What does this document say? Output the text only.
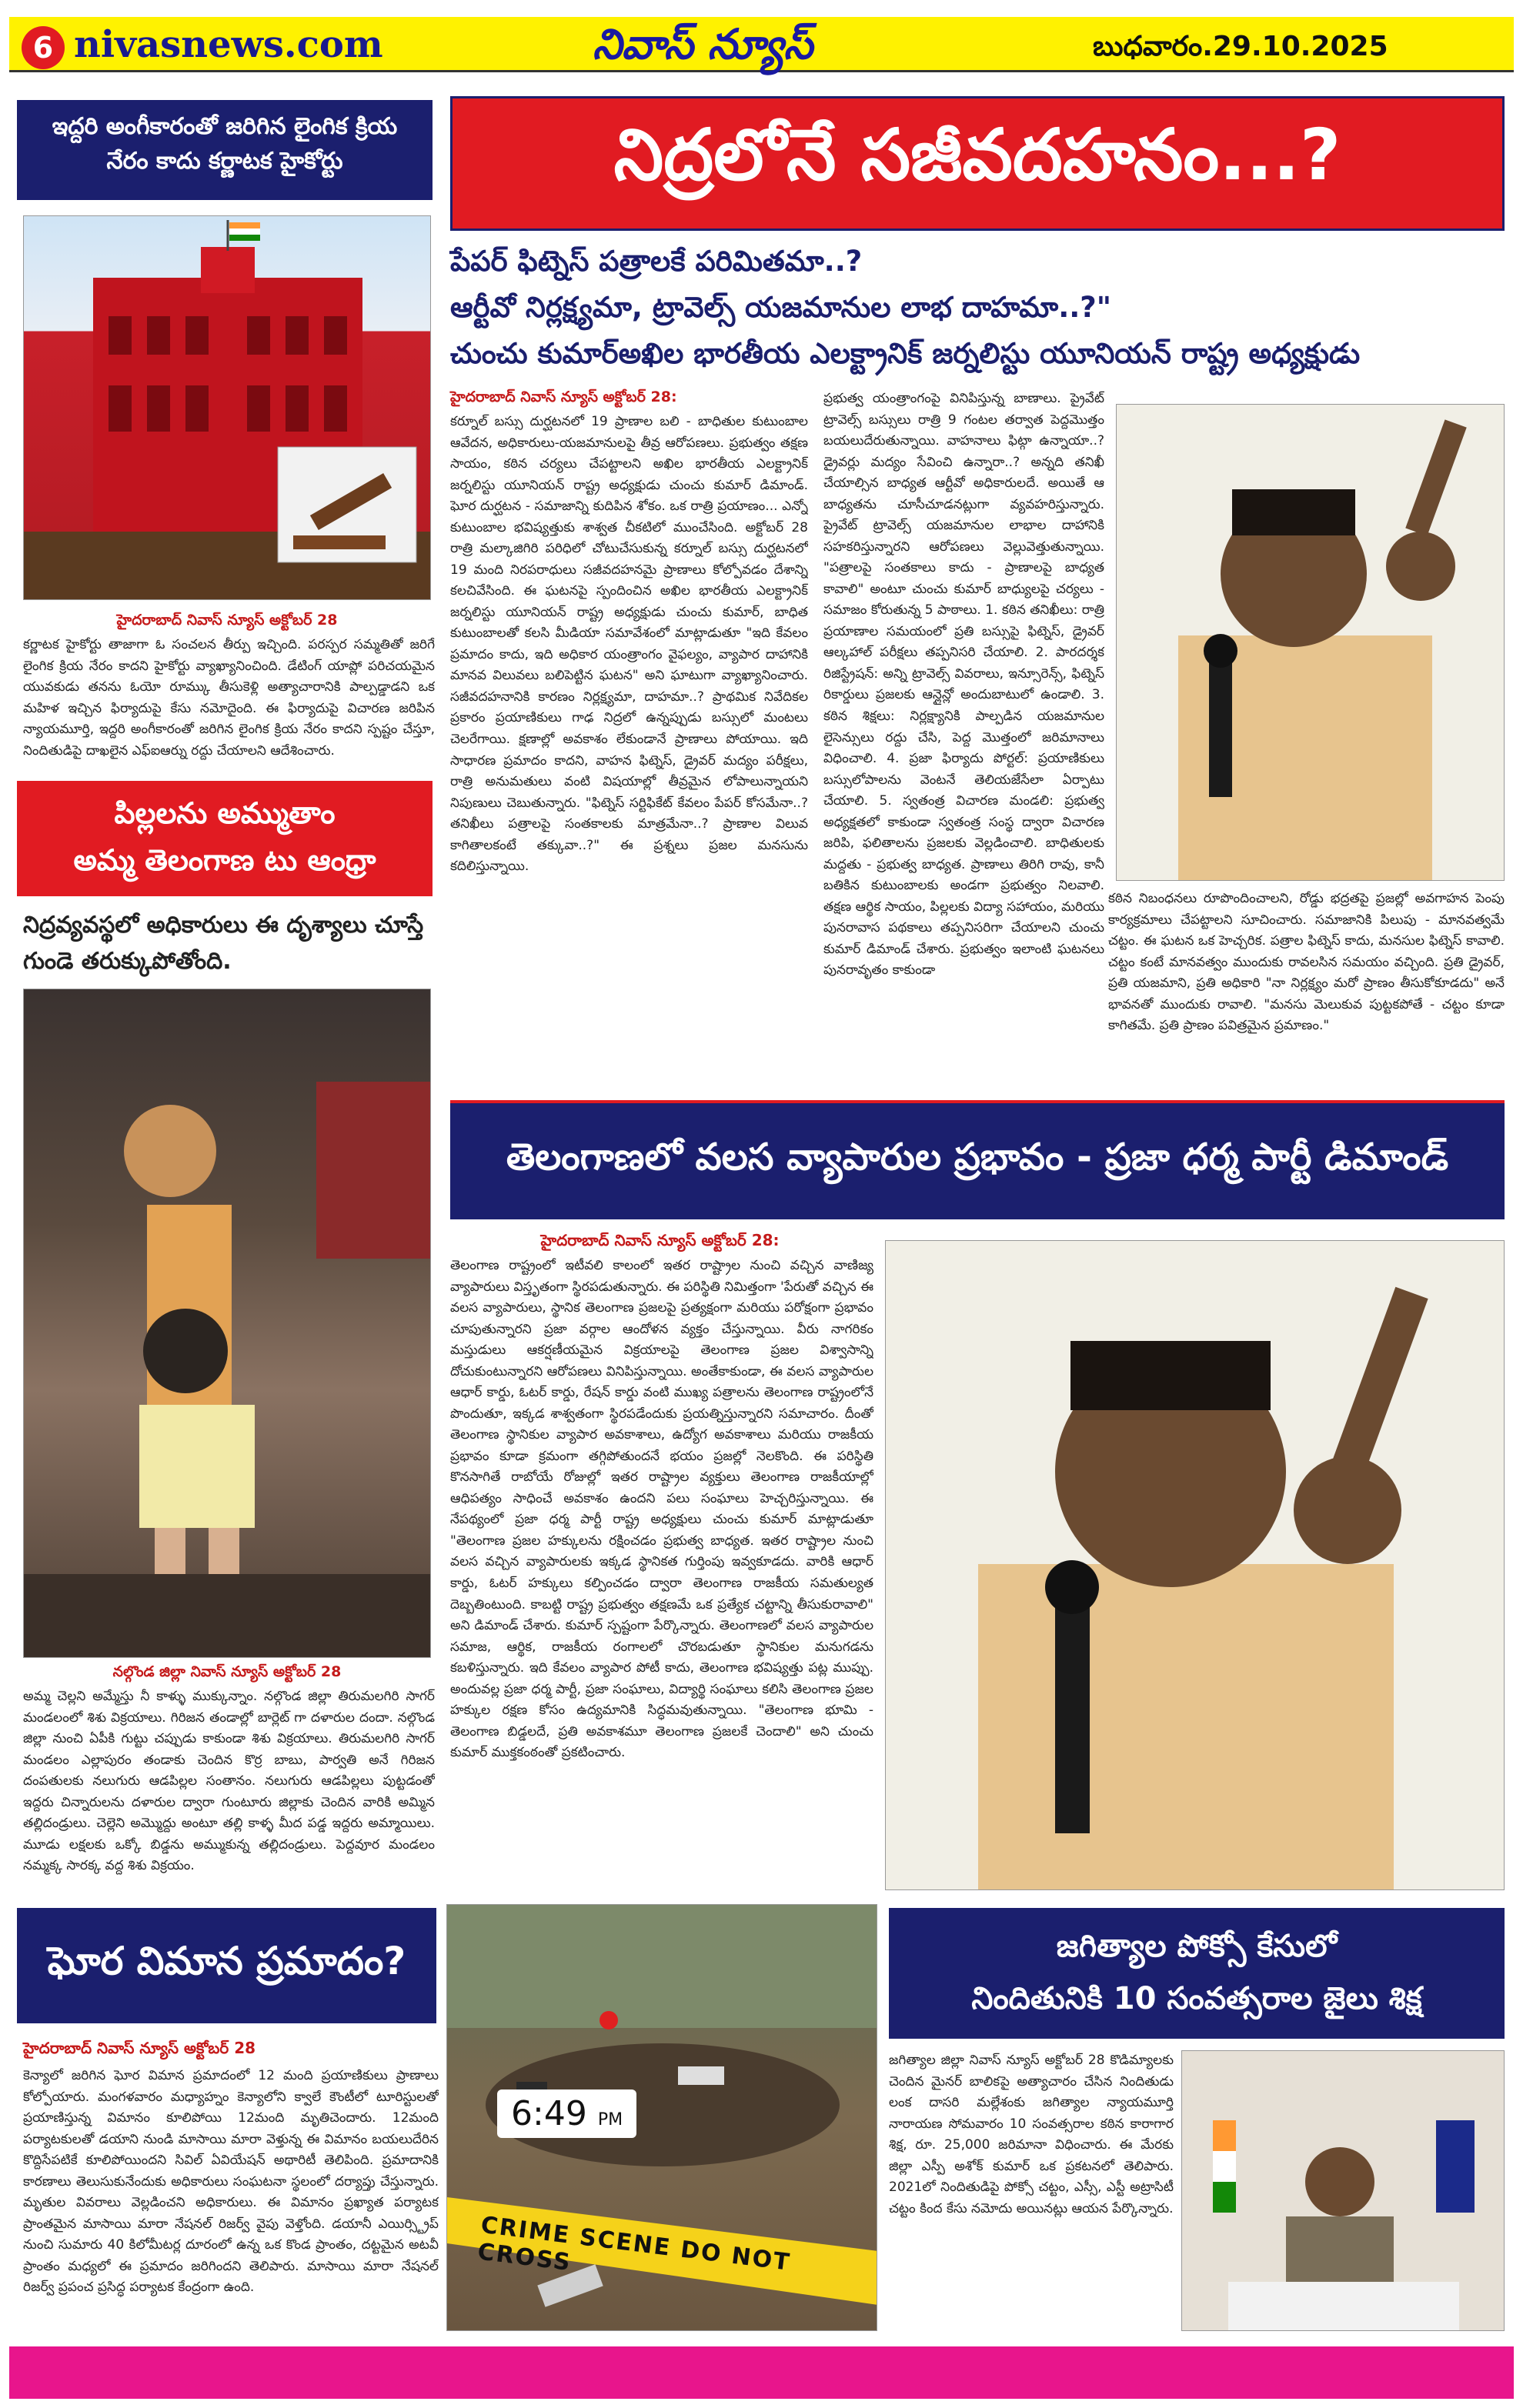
6 nivasnews.com	నివాస్ న్యూస్	బుధవారం.29.10.2025
ఇద్దరి అంగీకారంతో జరిగిన లైంగిక క్రియ నేరం కాదు కర్ణాటక హైకోర్టు
హైదరాబాద్ నివాస్ న్యూస్ అక్టోబర్ 28
కర్ణాటక హైకోర్టు తాజాగా ఓ సంచలన తీర్పు ఇచ్చింది. పరస్పర సమ్మతితో జరిగే లైంగిక క్రియ నేరం కాదని హైకోర్టు వ్యాఖ్యానించింది. డేటింగ్ యాప్లో పరిచయమైన యువకుడు తనను ఓయో రూమ్కు తీసుకెళ్లి అత్యాచారానికి పాల్పడ్డాడని ఒక మహిళ ఇచ్చిన ఫిర్యాదుపై కేసు నమోదైంది. ఈ ఫిర్యాదుపై విచారణ జరిపిన న్యాయమూర్తి, ఇద్దరి అంగీకారంతో జరిగిన లైంగిక క్రియ నేరం కాదని స్పష్టం చేస్తూ, నిందితుడిపై దాఖలైన ఎఫ్ఐఆర్ను రద్దు చేయాలని ఆదేశించారు.
పిల్లలను అమ్ముతాం
అమ్మ తెలంగాణ టు ఆంధ్రా
నిద్రవ్యవస్థలో అధికారులు ఈ దృశ్యాలు చూస్తే గుండె తరుక్కుపోతోంది.
నల్గొండ జిల్లా నివాస్ న్యూస్ అక్టోబర్ 28
అమ్మ చెల్లని అమ్మేస్తు నీ కాళ్ళు ముక్కున్నాం. నల్గొండ జిల్లా తిరుమలగిరి సాగర్ మండలంలో శిశు విక్రయాలు. గిరిజన తండాల్లో బార్లెట్ గా దళారుల దందా. నల్గొండ జిల్లా నుంచి ఏపీకి గుట్టు చప్పుడు కాకుండా శిశు విక్రయాలు. తిరుమలగిరి సాగర్ మండలం ఎల్లాపురం తండాకు చెందిన కొర్ర బాబు, పార్వతి అనే గిరిజన దంపతులకు నలుగురు ఆడపిల్లల సంతానం. నలుగురు ఆడపిల్లలు పుట్టడంతో ఇద్దరు చిన్నారులను దళారుల ద్వారా గుంటూరు జిల్లాకు చెందిన వారికి అమ్మిన తల్లిదండ్రులు. చెల్లెని అమ్మొద్దు అంటూ తల్లి కాళ్ళ మీద పడ్డ ఇద్దరు అమ్మాయిలు. మూడు లక్షలకు ఒక్కో బిడ్డను అమ్ముకున్న తల్లిదండ్రులు. పెద్దవూర మండలం నమ్మక్క సారక్క వద్ద శిశు విక్రయం.
నిద్రలోనే సజీవదహనం...?
పేపర్ ఫిట్నెస్ పత్రాలకే పరిమితమా..?
ఆర్టీవో నిర్లక్ష్యమా, ట్రావెల్స్ యజమానుల లాభ దాహమా..?"
చుంచు కుమార్అఖిల భారతీయ ఎలక్ట్రానిక్ జర్నలిస్టు యూనియన్ రాష్ట్ర అధ్యక్షుడు
హైదరాబాద్ నివాస్ న్యూస్ అక్టోబర్ 28:
కర్నూల్ బస్సు దుర్ఘటనలో 19 ప్రాణాల బలి - బాధితుల కుటుంబాల ఆవేదన, అధికారులు-యజమానులపై తీవ్ర ఆరోపణలు. ప్రభుత్వం తక్షణ సాయం, కఠిన చర్యలు చేపట్టాలని అఖిల భారతీయ ఎలక్ట్రానిక్ జర్నలిస్టు యూనియన్ రాష్ట్ర అధ్యక్షుడు చుంచు కుమార్ డిమాండ్. ఘోర దుర్ఘటన - సమాజాన్ని కుదిపిన శోకం. ఒక రాత్రి ప్రయాణం... ఎన్నో కుటుంబాల భవిష్యత్తుకు శాశ్వత చీకటిలో ముంచేసింది. అక్టోబర్ 28 రాత్రి మల్కాజిగిరి పరిధిలో చోటుచేసుకున్న కర్నూల్ బస్సు దుర్ఘటనలో 19 మంది నిరపరాధులు సజీవదహనమై ప్రాణాలు కోల్పోవడం దేశాన్ని కలచివేసింది. ఈ ఘటనపై స్పందించిన అఖిల భారతీయ ఎలక్ట్రానిక్ జర్నలిస్టు యూనియన్ రాష్ట్ర అధ్యక్షుడు చుంచు కుమార్, బాధిత కుటుంబాలతో కలసి మీడియా సమావేశంలో మాట్లాడుతూ "ఇది కేవలం ప్రమాదం కాదు, ఇది అధికార యంత్రాంగం వైఫల్యం, వ్యాపార దాహానికి మానవ విలువలు బలిపెట్టిన ఘటన" అని ఘాటుగా వ్యాఖ్యానించారు. సజీవదహనానికి కారణం నిర్లక్ష్యమా, దాహమా..? ప్రాథమిక నివేదికల ప్రకారం ప్రయాణికులు గాఢ నిద్రలో ఉన్నప్పుడు బస్సులో మంటలు చెలరేగాయి. క్షణాల్లో అవకాశం లేకుండానే ప్రాణాలు పోయాయి. ఇది సాధారణ ప్రమాదం కాదని, వాహన ఫిట్నెస్, డ్రైవర్ మద్యం పరీక్షలు, రాత్రి అనుమతులు వంటి విషయాల్లో తీవ్రమైన లోపాలున్నాయని నిపుణులు చెబుతున్నారు. "ఫిట్నెస్ సర్టిఫికేట్ కేవలం పేపర్ కోసమేనా..? తనిఖీలు పత్రాలపై సంతకాలకు మాత్రమేనా..? ప్రాణాల విలువ కాగితాలకంటే తక్కువా..?" ఈ ప్రశ్నలు ప్రజల మనసును కదిలిస్తున్నాయి.
ప్రభుత్వ యంత్రాంగంపై వినిపిస్తున్న బాణాలు. ప్రైవేట్ ట్రావెల్స్ బస్సులు రాత్రి 9 గంటల తర్వాత పెద్దమొత్తం బయలుదేరుతున్నాయి. వాహనాలు ఫిట్గా ఉన్నాయా..? డ్రైవర్లు మద్యం సేవించి ఉన్నారా..? అన్నది తనిఖీ చేయాల్సిన బాధ్యత ఆర్టీవో అధికారులదే. అయితే ఆ బాధ్యతను చూసీచూడనట్లుగా వ్యవహరిస్తున్నారు. ప్రైవేట్ ట్రావెల్స్ యజమానుల లాభాల దాహానికి సహకరిస్తున్నారని ఆరోపణలు వెల్లువెత్తుతున్నాయి. "పత్రాలపై సంతకాలు కాదు - ప్రాణాలపై బాధ్యత కావాలి" అంటూ చుంచు కుమార్ బాధ్యులపై చర్యలు - సమాజం కోరుతున్న 5 పాఠాలు. 1. కఠిన తనిఖీలు: రాత్రి ప్రయాణాల సమయంలో ప్రతి బస్సుపై ఫిట్నెస్, డ్రైవర్ ఆల్కహాల్ పరీక్షలు తప్పనిసరి చేయాలి. 2. పారదర్శక రిజిస్ట్రేషన్: అన్ని ట్రావెల్స్ వివరాలు, ఇన్సూరెన్స్, ఫిట్నెస్ రికార్డులు ప్రజలకు ఆన్లైన్లో అందుబాటులో ఉండాలి. 3. కఠిన శిక్షలు: నిర్లక్ష్యానికి పాల్పడిన యజమానుల లైసెన్సులు రద్దు చేసి, పెద్ద మొత్తంలో జరిమానాలు విధించాలి. 4. ప్రజా ఫిర్యాదు పోర్టల్: ప్రయాణికులు బస్సులోపాలను వెంటనే తెలియజేసేలా ఏర్పాటు చేయాలి. 5. స్వతంత్ర విచారణ మండలి: ప్రభుత్వ అధ్యక్షతలో కాకుండా స్వతంత్ర సంస్థ ద్వారా విచారణ జరిపి, ఫలితాలను ప్రజలకు వెల్లడించాలి. బాధితులకు మద్దతు - ప్రభుత్వ బాధ్యత. ప్రాణాలు తిరిగి రావు, కానీ బతికిన కుటుంబాలకు అండగా ప్రభుత్వం నిలవాలి. తక్షణ ఆర్థిక సాయం, పిల్లలకు విద్యా సహాయం, మరియు పునరావాస పథకాలు తప్పనిసరిగా చేయాలని చుంచు కుమార్ డిమాండ్ చేశారు. ప్రభుత్వం ఇలాంటి ఘటనలు పునరావృతం కాకుండా
కఠిన నిబంధనలు రూపొందించాలని, రోడ్డు భద్రతపై ప్రజల్లో అవగాహన పెంపు కార్యక్రమాలు చేపట్టాలని సూచించారు. సమాజానికి పిలుపు - మానవత్వమే చట్టం. ఈ ఘటన ఒక హెచ్చరిక. పత్రాల ఫిట్నెస్ కాదు, మనసుల ఫిట్నెస్ కావాలి. చట్టం కంటే మానవత్వం ముందుకు రావలసిన సమయం వచ్చింది. ప్రతి డ్రైవర్, ప్రతి యజమాని, ప్రతి అధికారి "నా నిర్లక్ష్యం మరో ప్రాణం తీసుకోకూడదు" అనే భావనతో ముందుకు రావాలి. "మనసు మెలుకువ పుట్టకపోతే - చట్టం కూడా కాగితమే. ప్రతి ప్రాణం పవిత్రమైన ప్రమాణం."
తెలంగాణలో వలస వ్యాపారుల ప్రభావం - ప్రజా ధర్మ పార్టీ డిమాండ్
హైదరాబాద్ నివాస్ న్యూస్ అక్టోబర్ 28:
తెలంగాణ రాష్ట్రంలో ఇటీవలి కాలంలో ఇతర రాష్ట్రాల నుంచి వచ్చిన వాణిజ్య వ్యాపారులు విస్తృతంగా స్థిరపడుతున్నారు. ఈ పరిస్థితి నిమిత్తంగా 'పేరుతో వచ్చిన ఈ వలస వ్యాపారులు, స్థానిక తెలంగాణ ప్రజలపై ప్రత్యక్షంగా మరియు పరోక్షంగా ప్రభావం చూపుతున్నారని ప్రజా వర్గాల ఆందోళన వ్యక్తం చేస్తున్నాయి. వీరు నాగరికం మస్తుడులు ఆకర్షణీయమైన విక్రయాలపై తెలంగాణ ప్రజల విశ్వాసాన్ని దోచుకుంటున్నారని ఆరోపణలు వినిపిస్తున్నాయి. అంతేకాకుండా, ఈ వలస వ్యాపారుల ఆధార్ కార్డు, ఓటర్ కార్డు, రేషన్ కార్డు వంటి ముఖ్య పత్రాలను తెలంగాణ రాష్ట్రంలోనే పొందుతూ, ఇక్కడ శాశ్వతంగా స్థిరపడేందుకు ప్రయత్నిస్తున్నారని సమాచారం. దీంతో తెలంగాణ స్థానికుల వ్యాపార అవకాశాలు, ఉద్యోగ అవకాశాలు మరియు రాజకీయ ప్రభావం కూడా క్రమంగా తగ్గిపోతుందనే భయం ప్రజల్లో నెలకొంది. ఈ పరిస్థితి కొనసాగితే రాబోయే రోజుల్లో ఇతర రాష్ట్రాల వ్యక్తులు తెలంగాణ రాజకీయాల్లో ఆధిపత్యం సాధించే అవకాశం ఉందని పలు సంఘాలు హెచ్చరిస్తున్నాయి. ఈ నేపథ్యంలో ప్రజా ధర్మ పార్టీ రాష్ట్ర అధ్యక్షులు చుంచు కుమార్ మాట్లాడుతూ "తెలంగాణ ప్రజల హక్కులను రక్షించడం ప్రభుత్వ బాధ్యత. ఇతర రాష్ట్రాల నుంచి వలస వచ్చిన వ్యాపారులకు ఇక్కడ స్థానికత గుర్తింపు ఇవ్వకూడదు. వారికి ఆధార్ కార్డు, ఓటర్ హక్కులు కల్పించడం ద్వారా తెలంగాణ రాజకీయ సమతుల్యత దెబ్బతింటుంది. కాబట్టి రాష్ట్ర ప్రభుత్వం తక్షణమే ఒక ప్రత్యేక చట్టాన్ని తీసుకురావాలి" అని డిమాండ్ చేశారు. కుమార్ స్పష్టంగా పేర్కొన్నారు. తెలంగాణలో వలస వ్యాపారుల సమాజ, ఆర్థిక, రాజకీయ రంగాలలో చొరబడుతూ స్థానికుల మనుగడను కబళిస్తున్నారు. ఇది కేవలం వ్యాపార పోటీ కాదు, తెలంగాణ భవిష్యత్తు పట్ల ముప్పు. అందువల్ల ప్రజా ధర్మ పార్టీ, ప్రజా సంఘాలు, విద్యార్థి సంఘాలు కలిసి తెలంగాణ ప్రజల హక్కుల రక్షణ కోసం ఉద్యమానికి సిద్ధమవుతున్నాయి. "తెలంగాణ భూమి - తెలంగాణ బిడ్డలదే, ప్రతి అవకాశమూ తెలంగాణ ప్రజలకే చెందాలి" అని చుంచు కుమార్ ముక్తకంఠంతో ప్రకటించారు.
ఘోర విమాన ప్రమాదం?
హైదరాబాద్ నివాస్ న్యూస్ అక్టోబర్ 28
కెన్యాలో జరిగిన ఘోర విమాన ప్రమాదంలో 12 మంది ప్రయాణికులు ప్రాణాలు కోల్పోయారు. మంగళవారం మధ్యాహ్నం కెన్యాలోని క్వాలే కౌంటీలో టూరిస్టులతో ప్రయాణిస్తున్న విమానం కూలిపోయి 12మంది మృతిచెందారు. 12మంది పర్యాటకులతో డయాని నుండి మాసాయి మారా వెళ్తున్న ఈ విమానం బయలుదేరిన కొద్దిసేపటికే కూలిపోయిందని సివిల్ ఏవియేషన్ అథారిటీ తెలిపింది. ప్రమాదానికి కారణాలు తెలుసుకునేందుకు అధికారులు సంఘటనా స్థలంలో దర్యాప్తు చేస్తున్నారు. మృతుల వివరాలు వెల్లడించని అధికారులు. ఈ విమానం ప్రఖ్యాత పర్యాటక ప్రాంతమైన మాసాయి మారా నేషనల్ రిజర్వ్ వైపు వెళ్తోంది. డయానీ ఎయిర్స్ట్రిప్ నుంచి సుమారు 40 కిలోమీటర్ల దూరంలో ఉన్న ఒక కొండ ప్రాంతం, దట్టమైన అటవీ ప్రాంతం మధ్యలో ఈ ప్రమాదం జరిగిందని తెలిపారు. మాసాయి మారా నేషనల్ రిజర్వ్ ప్రపంచ ప్రసిద్ధ పర్యాటక కేంద్రంగా ఉంది.
6:49 PM
CRIME SCENE DO NOT CROSS
జగిత్యాల పోక్సో కేసులో
నిందితునికి 10 సంవత్సరాల జైలు శిక్ష
జగిత్యాల జిల్లా నివాస్ న్యూస్ అక్టోబర్ 28 కొడిమ్యాలకు చెందిన మైనర్ బాలికపై అత్యాచారం చేసిన నిందితుడు లంక దాసరి మల్లేశంకు జగిత్యాల న్యాయమూర్తి నారాయణ సోమవారం 10 సంవత్సరాల కఠిన కారాగార శిక్ష, రూ. 25,000 జరిమానా విధించారు. ఈ మేరకు జిల్లా ఎస్పీ అశోక్ కుమార్ ఒక ప్రకటనలో తెలిపారు. 2021లో నిందితుడిపై పోక్సో చట్టం, ఎస్సీ, ఎస్టీ అట్రాసిటీ చట్టం కింద కేసు నమోదు అయినట్లు ఆయన పేర్కొన్నారు.
